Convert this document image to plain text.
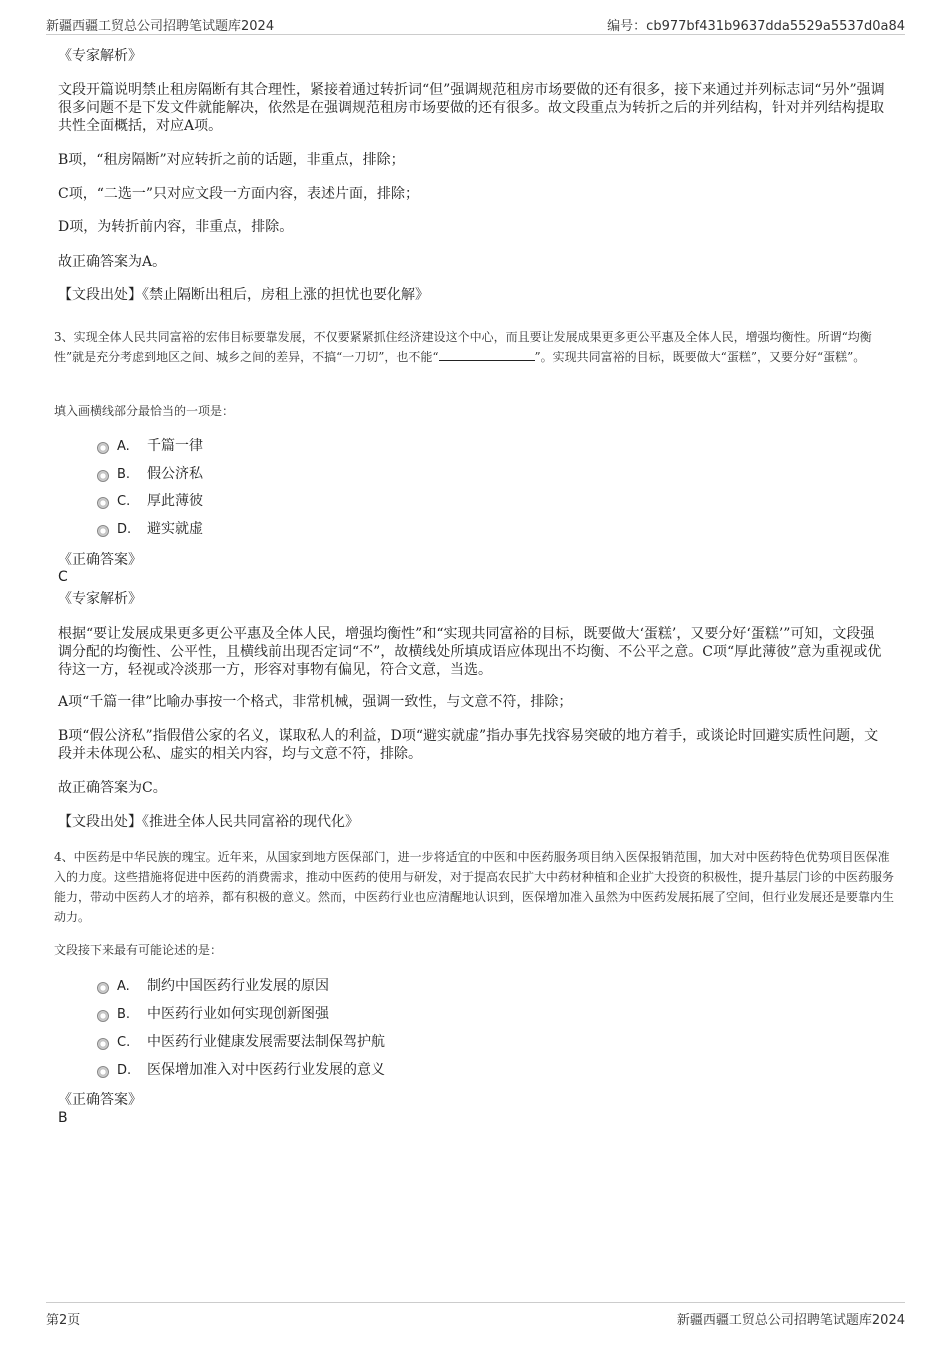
新疆西疆工贸总公司招聘笔试题库2024	编号：cb977bf431b9637dda5529a5537d0a84
《专家解析》
文段开篇说明禁止租房隔断有其合理性，紧接着通过转折词“但”强调规范租房市场要做的还有很多，接下来通过并列标志词“另外”强调很多问题不是下发文件就能解决，依然是在强调规范租房市场要做的还有很多。故文段重点为转折之后的并列结构，针对并列结构提取共性全面概括，对应A项。
B项，“租房隔断”对应转折之前的话题，非重点，排除；
C项，“二选一”只对应文段一方面内容，表述片面，排除；
D项，为转折前内容，非重点，排除。
故正确答案为A。
【文段出处】《禁止隔断出租后，房租上涨的担忧也要化解》
3、实现全体人民共同富裕的宏伟目标要靠发展，不仅要紧紧抓住经济建设这个中心，而且要让发展成果更多更公平惠及全体人民，增强均衡性。所谓“均衡性”就是充分考虑到地区之间、城乡之间的差异，不搞“一刀切”，也不能“	”。实现共同富裕的目标，既要做大“蛋糕”，又要分好“蛋糕”。
填入画横线部分最恰当的一项是：
A. 千篇一律
B. 假公济私
C. 厚此薄彼
D. 避实就虚
《正确答案》
C
《专家解析》
根据“要让发展成果更多更公平惠及全体人民，增强均衡性”和“实现共同富裕的目标，既要做大‘蛋糕’，又要分好‘蛋糕’”可知，文段强调分配的均衡性、公平性，且横线前出现否定词“不”，故横线处所填成语应体现出不均衡、不公平之意。C项“厚此薄彼”意为重视或优待这一方，轻视或冷淡那一方，形容对事物有偏见，符合文意，当选。
A项“千篇一律”比喻办事按一个格式，非常机械，强调一致性，与文意不符，排除；
B项“假公济私”指假借公家的名义，谋取私人的利益，D项“避实就虚”指办事先找容易突破的地方着手，或谈论时回避实质性问题，文段并未体现公私、虚实的相关内容，均与文意不符，排除。
故正确答案为C。
【文段出处】《推进全体人民共同富裕的现代化》
4、中医药是中华民族的瑰宝。近年来，从国家到地方医保部门，进一步将适宜的中医和中医药服务项目纳入医保报销范围，加大对中医药特色优势项目医保准入的力度。这些措施将促进中医药的消费需求，推动中医药的使用与研发，对于提高农民扩大中药材种植和企业扩大投资的积极性，提升基层门诊的中医药服务能力，带动中医药人才的培养，都有积极的意义。然而，中医药行业也应清醒地认识到，医保增加准入虽然为中医药发展拓展了空间，但行业发展还是要靠内生动力。
文段接下来最有可能论述的是：
A. 制约中国医药行业发展的原因
B. 中医药行业如何实现创新图强
C. 中医药行业健康发展需要法制保驾护航
D. 医保增加准入对中医药行业发展的意义
《正确答案》
B
第2页	新疆西疆工贸总公司招聘笔试题库2024
